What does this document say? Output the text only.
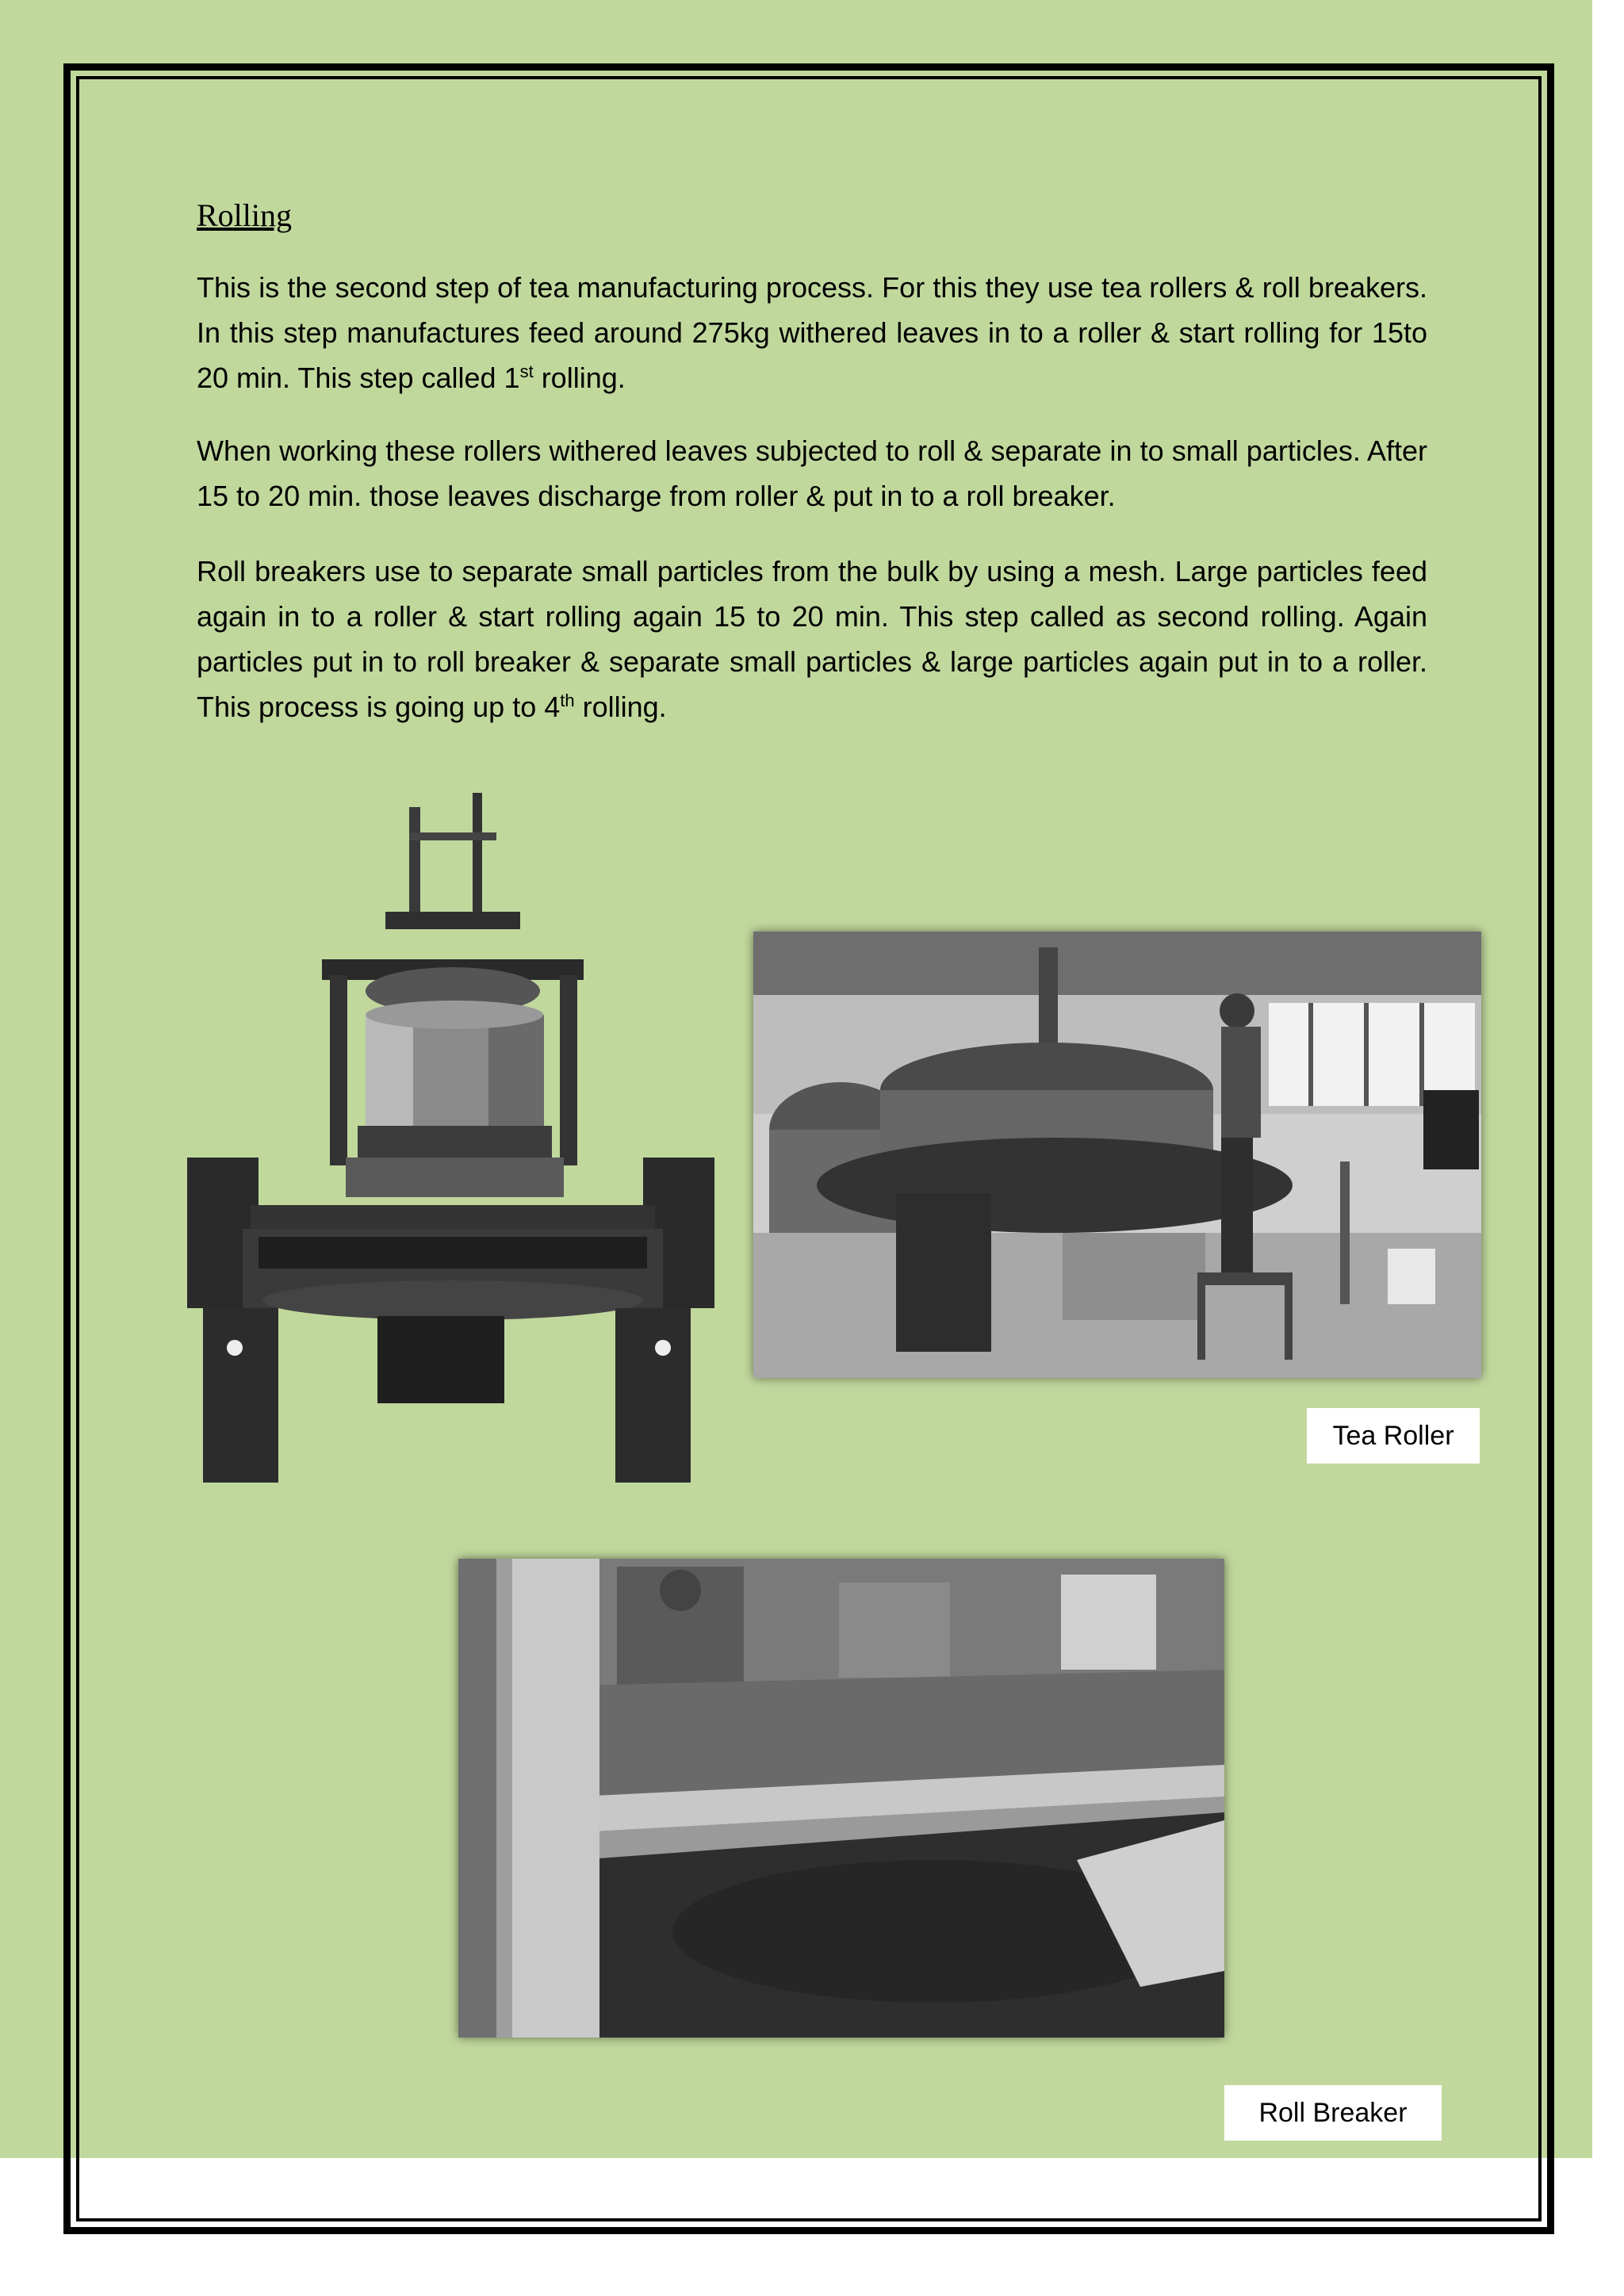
Rolling

This is the second step of tea manufacturing process. For this they use tea rollers & roll breakers. In this step manufactures feed around 275kg withered leaves in to a roller & start rolling for 15to 20 min. This step called 1st rolling.

When working these rollers withered leaves subjected to roll & separate in to small particles. After 15 to 20 min. those leaves discharge from roller & put in to a roll breaker.

Roll breakers use to separate small particles from the bulk by using a mesh. Large particles feed again in to a roller & start rolling again 15 to 20 min. This step called as second rolling. Again particles put in to roll breaker & separate small particles & large particles again put in to a roller. This process is going up to 4th rolling.

Tea Roller
Roll Breaker
